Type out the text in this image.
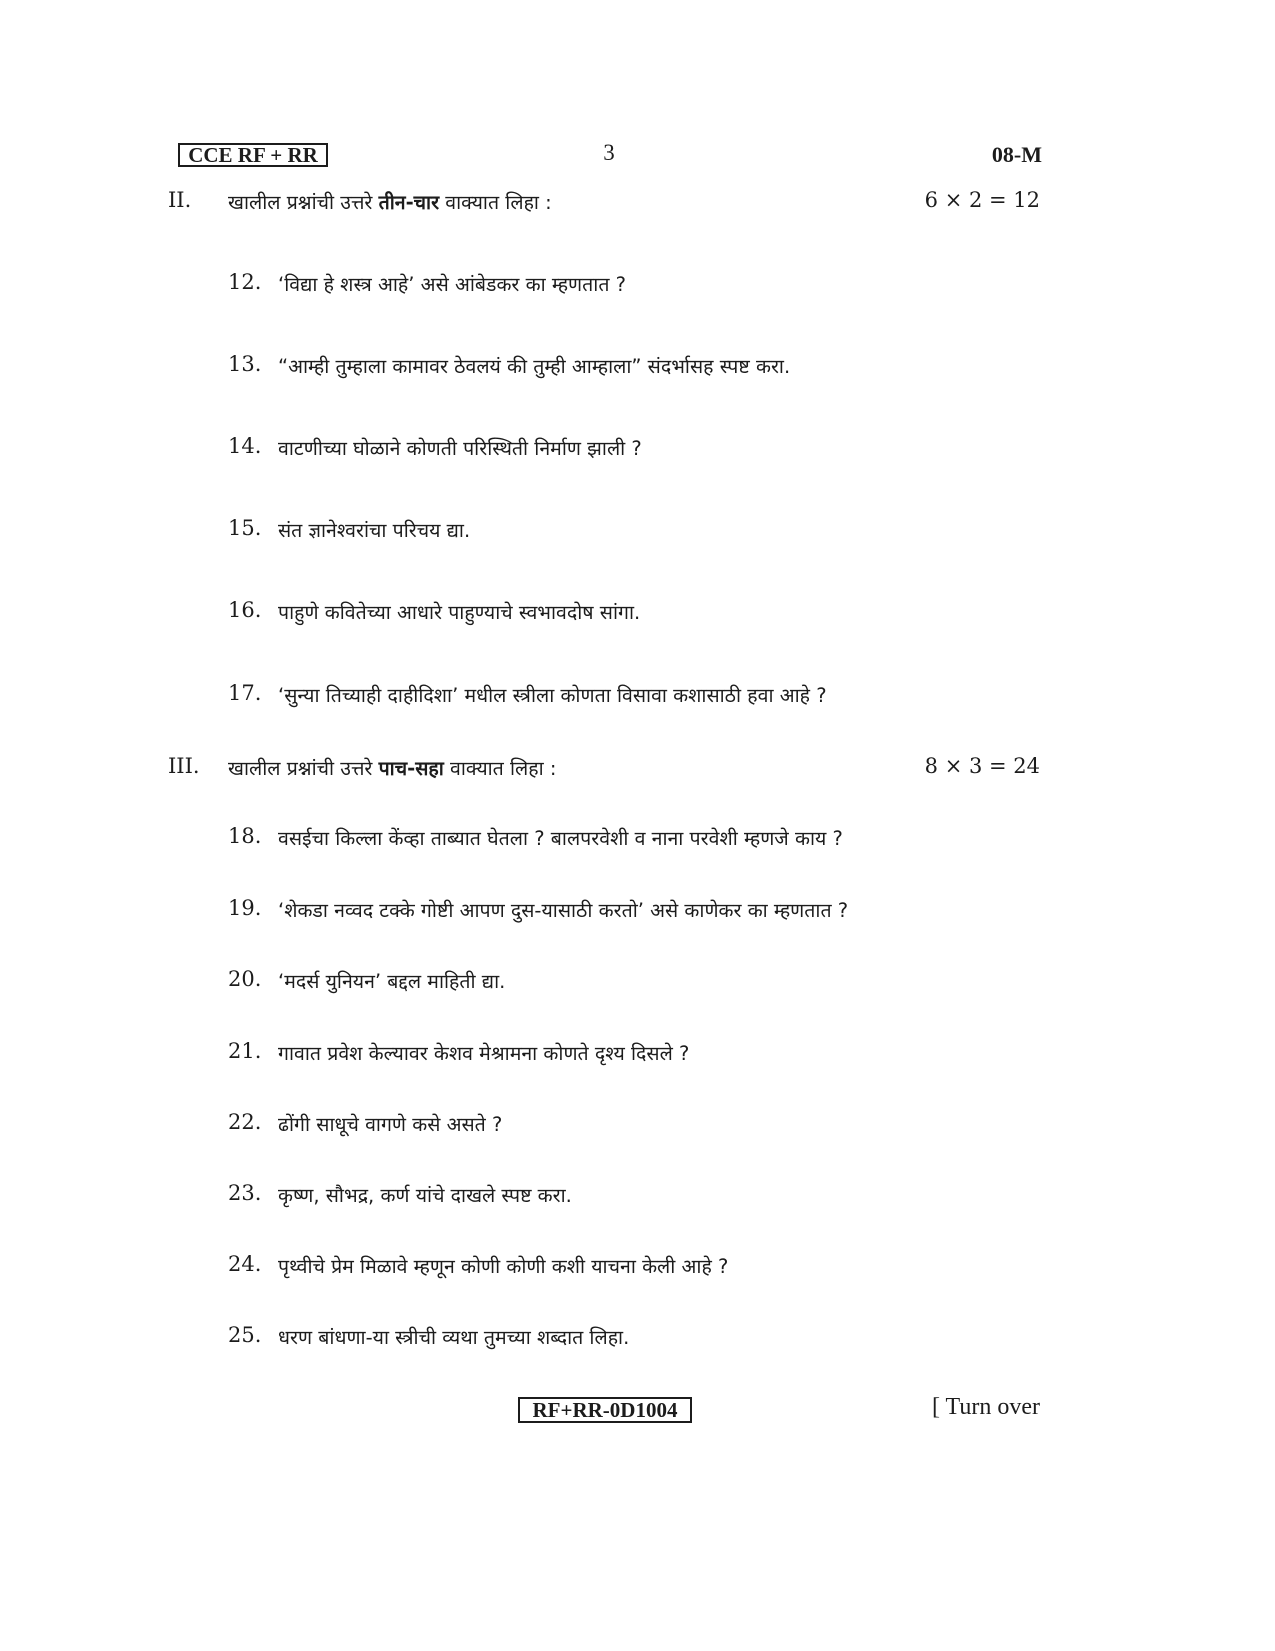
CCE RF + RR	3	08-M
II. खालील प्रश्नांची उत्तरे तीन-चार वाक्यात लिहा :	6 × 2 = 12
12. ‘विद्या हे शस्त्र आहे’ असे आंबेडकर का म्हणतात ?
13. “आम्ही तुम्हाला कामावर ठेवलयं की तुम्ही आम्हाला” संदर्भासह स्पष्ट करा.
14. वाटणीच्या घोळाने कोणती परिस्थिती निर्माण झाली ?
15. संत ज्ञानेश्वरांचा परिचय द्या.
16. पाहुणे कवितेच्या आधारे पाहुण्याचे स्वभावदोष सांगा.
17. ‘सुन्या तिच्याही दाहीदिशा’ मधील स्त्रीला कोणता विसावा कशासाठी हवा आहे ?
III. खालील प्रश्नांची उत्तरे पाच-सहा वाक्यात लिहा :	8 × 3 = 24
18. वसईचा किल्ला केंव्हा ताब्यात घेतला ? बालपरवेशी व नाना परवेशी म्हणजे काय ?
19. ‘शेकडा नव्वद टक्के गोष्टी आपण दुस-यासाठी करतो’ असे काणेकर का म्हणतात ?
20. ‘मदर्स युनियन’ बद्दल माहिती द्या.
21. गावात प्रवेश केल्यावर केशव मेश्रामना कोणते दृश्य दिसले ?
22. ढोंगी साधूचे वागणे कसे असते ?
23. कृष्ण, सौभद्र, कर्ण यांचे दाखले स्पष्ट करा.
24. पृथ्वीचे प्रेम मिळावे म्हणून कोणी कोणी कशी याचना केली आहे ?
25. धरण बांधणा-या स्त्रीची व्यथा तुमच्या शब्दात लिहा.
RF+RR-0D1004	[ Turn over
